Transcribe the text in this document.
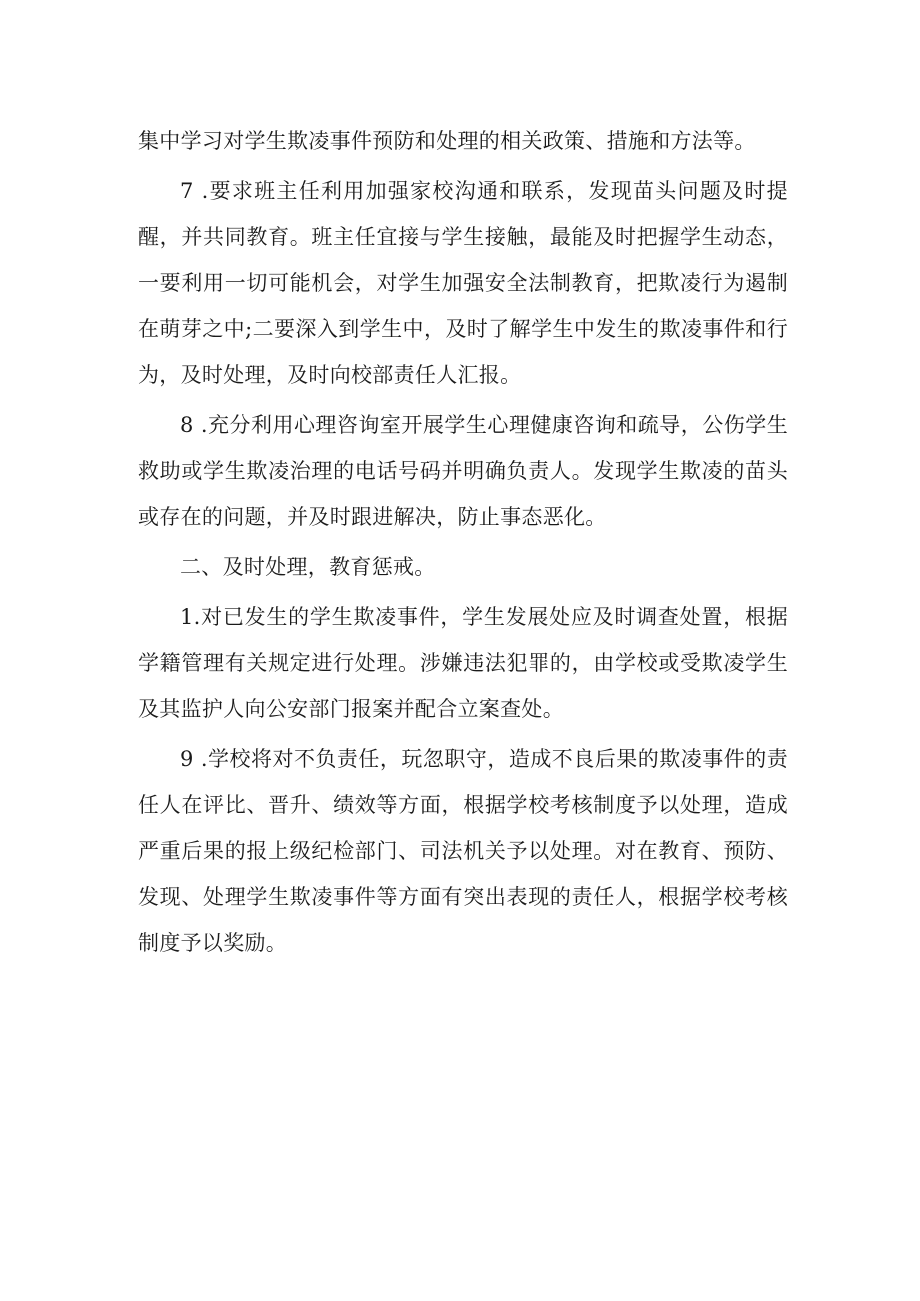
集中学习对学生欺凌事件预防和处理的相关政策、措施和方法等。

7 .要求班主任利用加强家校沟通和联系，发现苗头问题及时提醒，并共同教育。班主任宜接与学生接触，最能及时把握学生动态，一要利用一切可能机会，对学生加强安全法制教育，把欺凌行为遏制在萌芽之中;二要深入到学生中，及时了解学生中发生的欺凌事件和行为，及时处理，及时向校部责任人汇报。

8 .充分利用心理咨询室开展学生心理健康咨询和疏导，公伤学生救助或学生欺凌治理的电话号码并明确负责人。发现学生欺凌的苗头或存在的问题，并及时跟进解决，防止事态恶化。

二、及时处理，教育惩戒。

1.对已发生的学生欺凌事件，学生发展处应及时调查处置，根据学籍管理有关规定进行处理。涉嫌违法犯罪的，由学校或受欺凌学生及其监护人向公安部门报案并配合立案查处。

9 .学校将对不负责任，玩忽职守，造成不良后果的欺凌事件的责任人在评比、晋升、绩效等方面，根据学校考核制度予以处理，造成严重后果的报上级纪检部门、司法机关予以处理。对在教育、预防、发现、处理学生欺凌事件等方面有突出表现的责任人，根据学校考核制度予以奖励。
